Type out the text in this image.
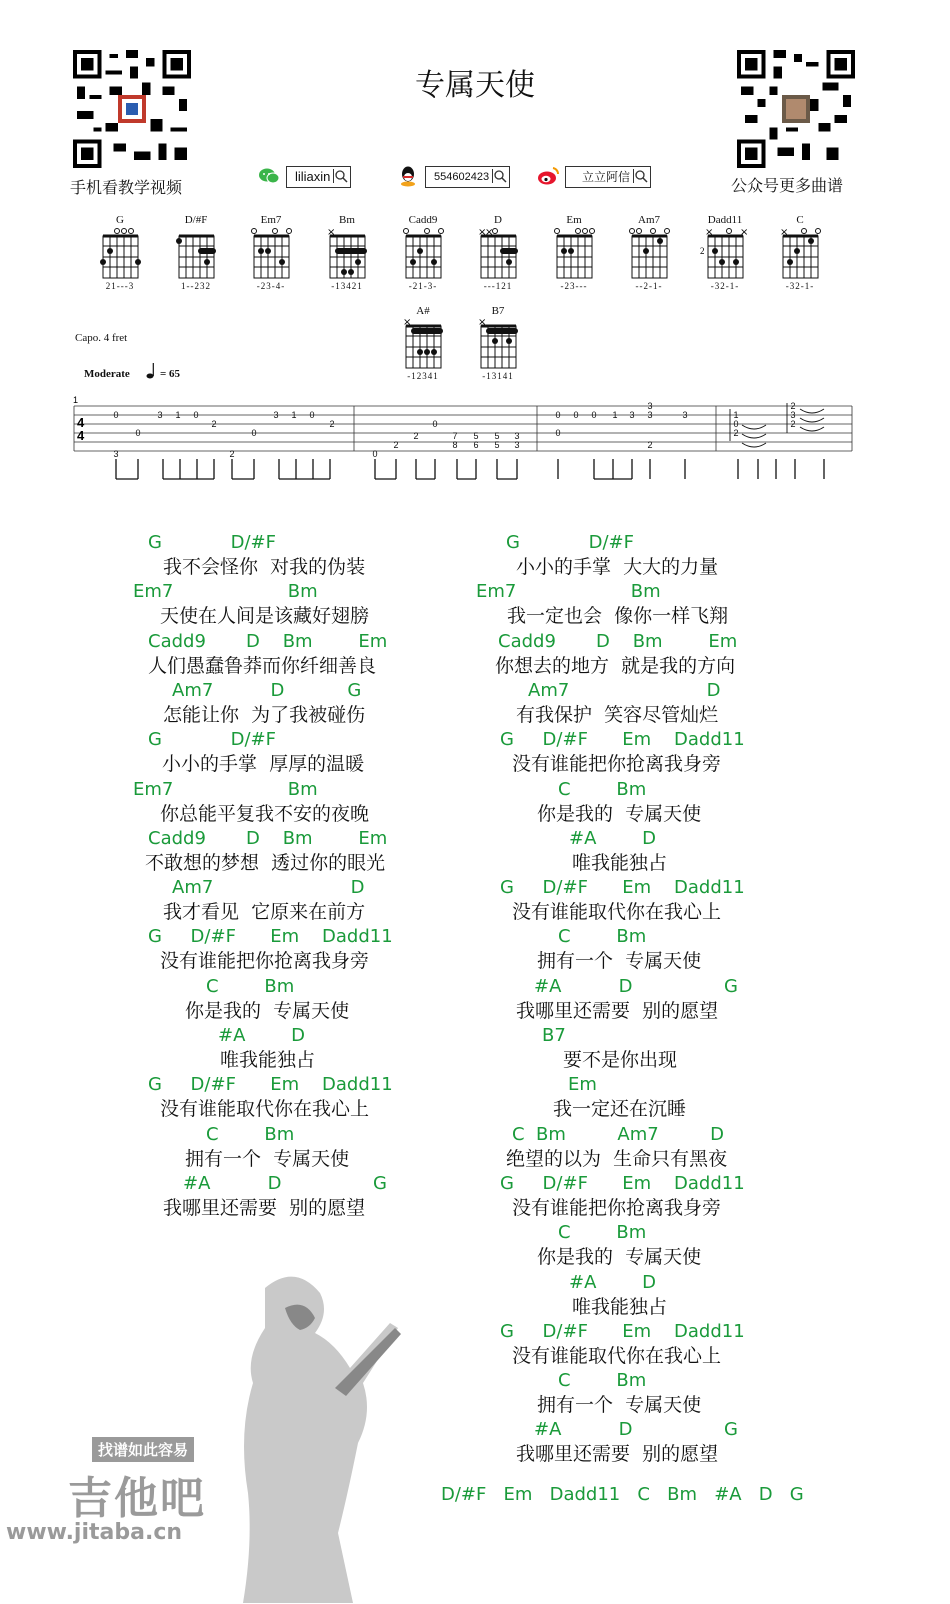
专属天使
手机看教学视频	公众号更多曲谱
liliaxin	554602423	立立阿信
G	D/#F	Em7	Bm	Cadd9	D	Em	Am7	Dadd11	C
21---3	1--232	-23-4-	-13421	-21-3-	---121	-23---	--2-1-	-32-1-	-32-1-
×	×
×	×	×
2
×
A#	B7
×	×
-12341	-13141
Capo. 4 fret
Moderate	= 65
1
4
4
3
0
0
3 1 0
2
2
0
3 1 0
2
0
2
2
0
7
8
5
6
5
5
3
3
0
0
0 0 1 3
3
3
2
3	1
0
2
2
3
2
找谱如此容易
吉他吧
www.jitaba.cn
G            D/#F
我不会怪你  对我的伪装
Em7                    Bm
天使在人间是该藏好翅膀
Cadd9       D    Bm        Em
人们愚蠢鲁莽而你纤细善良
Am7          D           G
怎能让你  为了我被碰伤
G            D/#F
小小的手掌  厚厚的温暖
Em7                    Bm
你总能平复我不安的夜晚
Cadd9       D    Bm        Em
不敢想的梦想  透过你的眼光
Am7                        D
我才看见  它原来在前方
G     D/#F      Em    Dadd11
没有谁能把你抢离我身旁
C        Bm
你是我的  专属天使
#A        D
唯我能独占
G     D/#F      Em    Dadd11
没有谁能取代你在我心上
C        Bm
拥有一个  专属天使
#A          D                G
我哪里还需要  别的愿望
G            D/#F
小小的手掌  大大的力量
Em7                    Bm
我一定也会  像你一样飞翔
Cadd9       D    Bm        Em
你想去的地方  就是我的方向
Am7                        D
有我保护  笑容尽管灿烂
G     D/#F      Em    Dadd11
没有谁能把你抢离我身旁
C        Bm
你是我的  专属天使
#A        D
唯我能独占
G     D/#F      Em    Dadd11
没有谁能取代你在我心上
C        Bm
拥有一个  专属天使
#A          D                G
我哪里还需要  别的愿望
B7
要不是你出现
Em
我一定还在沉睡
C  Bm         Am7         D
绝望的以为  生命只有黑夜
G     D/#F      Em    Dadd11
没有谁能把你抢离我身旁
C        Bm
你是我的  专属天使
#A        D
唯我能独占
G     D/#F      Em    Dadd11
没有谁能取代你在我心上
C        Bm
拥有一个  专属天使
#A          D                G
我哪里还需要  别的愿望
D/#F   Em   Dadd11   C   Bm   #A   D   G
